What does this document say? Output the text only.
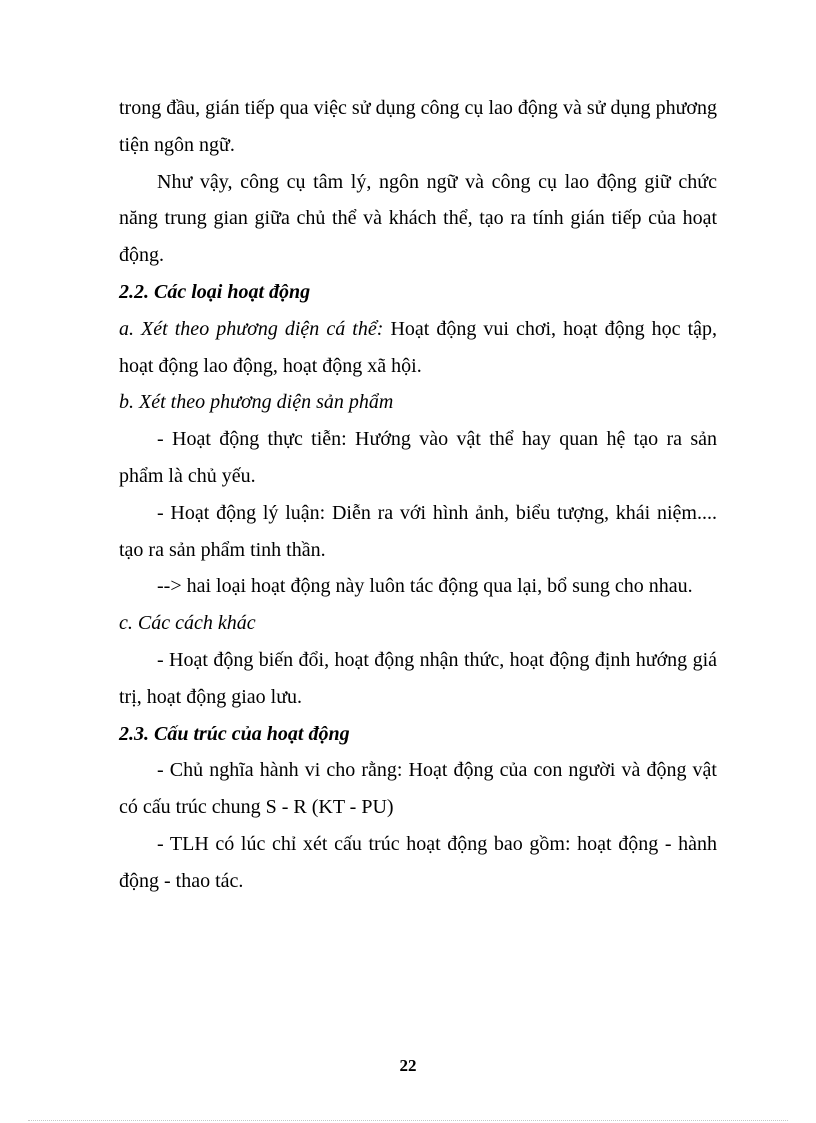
trong đầu, gián tiếp qua việc sử dụng công cụ lao động và sử dụng phương tiện ngôn ngữ.

Như vậy, công cụ tâm lý, ngôn ngữ và công cụ lao động giữ chức năng trung gian giữa chủ thể và khách thể, tạo ra tính gián tiếp của hoạt động.

2.2. Các loại hoạt động

a. Xét theo phương diện cá thể: Hoạt động vui chơi, hoạt động học tập, hoạt động lao động, hoạt động xã hội.

b. Xét theo phương diện sản phẩm

- Hoạt động thực tiễn: Hướng vào vật thể hay quan hệ tạo ra sản phẩm là chủ yếu.

- Hoạt động lý luận: Diễn ra với hình ảnh, biểu tượng, khái niệm.... tạo ra sản phẩm tinh thần.

--> hai loại hoạt động này luôn tác động qua lại, bổ sung cho nhau.

c. Các cách khác

- Hoạt động biến đổi, hoạt động nhận thức, hoạt động định hướng giá trị, hoạt động giao lưu.

2.3. Cấu trúc của hoạt động

- Chủ nghĩa hành vi cho rằng: Hoạt động của con người và động vật có cấu trúc chung S - R (KT - PU)

- TLH có lúc chỉ xét cấu trúc hoạt động bao gồm: hoạt động - hành động - thao tác.

22
